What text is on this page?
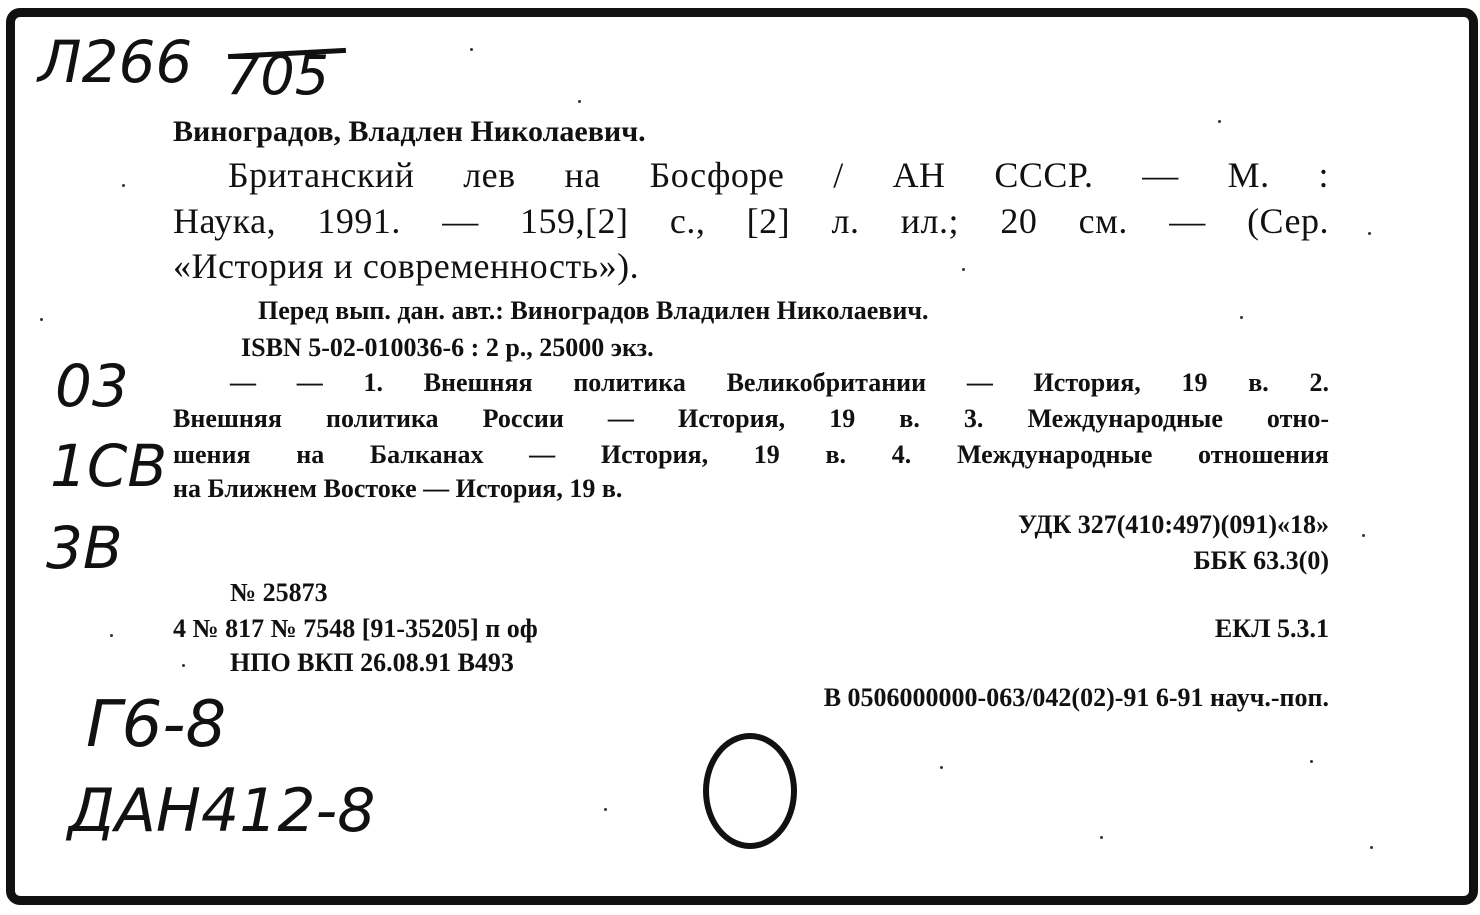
Л266 705
03
1СВ
3В
Г6-8
ДАН412-8
Виноградов, Владлен Николаевич.
Британский лев на Босфоре / АН СССР. — М. :
Наука, 1991. — 159,[2] с., [2] л. ил.; 20 см. — (Сер.
«История и современность»).
Перед вып. дан. авт.: Виноградов Владилен Николаевич.
ISBN 5-02-010036-6 : 2 р., 25000 экз.
— — 1. Внешняя политика Великобритании — История, 19 в. 2.
Внешняя политика России — История, 19 в. 3. Международные отно-
шения на Балканах — История, 19 в. 4. Международные отношения
на Ближнем Востоке — История, 19 в.
УДК 327(410:497)(091)«18»
ББК 63.3(0)
№ 25873
4 № 817 № 7548 [91-35205] п оф	ЕКЛ 5.3.1
НПО ВКП 26.08.91 В493
В 0506000000-063/042(02)-91 6-91 науч.-поп.
